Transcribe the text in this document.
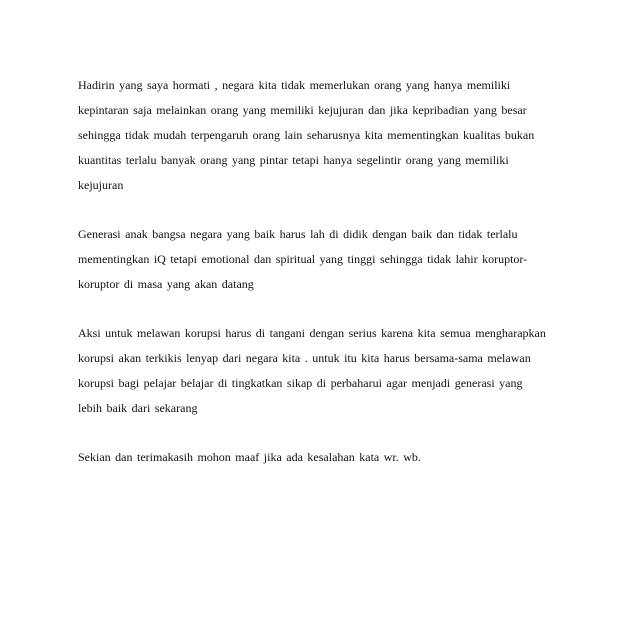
Hadirin yang saya hormati , negara kita tidak memerlukan orang yang hanya memiliki
kepintaran saja melainkan orang yang memiliki kejujuran dan jika kepribadian yang besar
sehingga tidak mudah terpengaruh orang lain seharusnya kita mementingkan kualitas bukan
kuantitas terlalu banyak orang yang pintar tetapi hanya segelintir orang yang memiliki
kejujuran
Generasi anak bangsa negara yang baik harus lah di didik dengan baik dan tidak terlalu
mementingkan iQ tetapi emotional dan spiritual yang tinggi sehingga tidak lahir koruptor-
koruptor di masa yang akan datang
Aksi untuk melawan korupsi harus di tangani dengan serius karena kita semua mengharapkan
korupsi akan terkikis lenyap dari negara kita . untuk itu kita harus bersama-sama melawan
korupsi bagi pelajar belajar di tingkatkan sikap di perbaharui agar menjadi generasi yang
lebih baik dari sekarang
Sekian dan terimakasih mohon maaf jika ada kesalahan kata wr. wb.
